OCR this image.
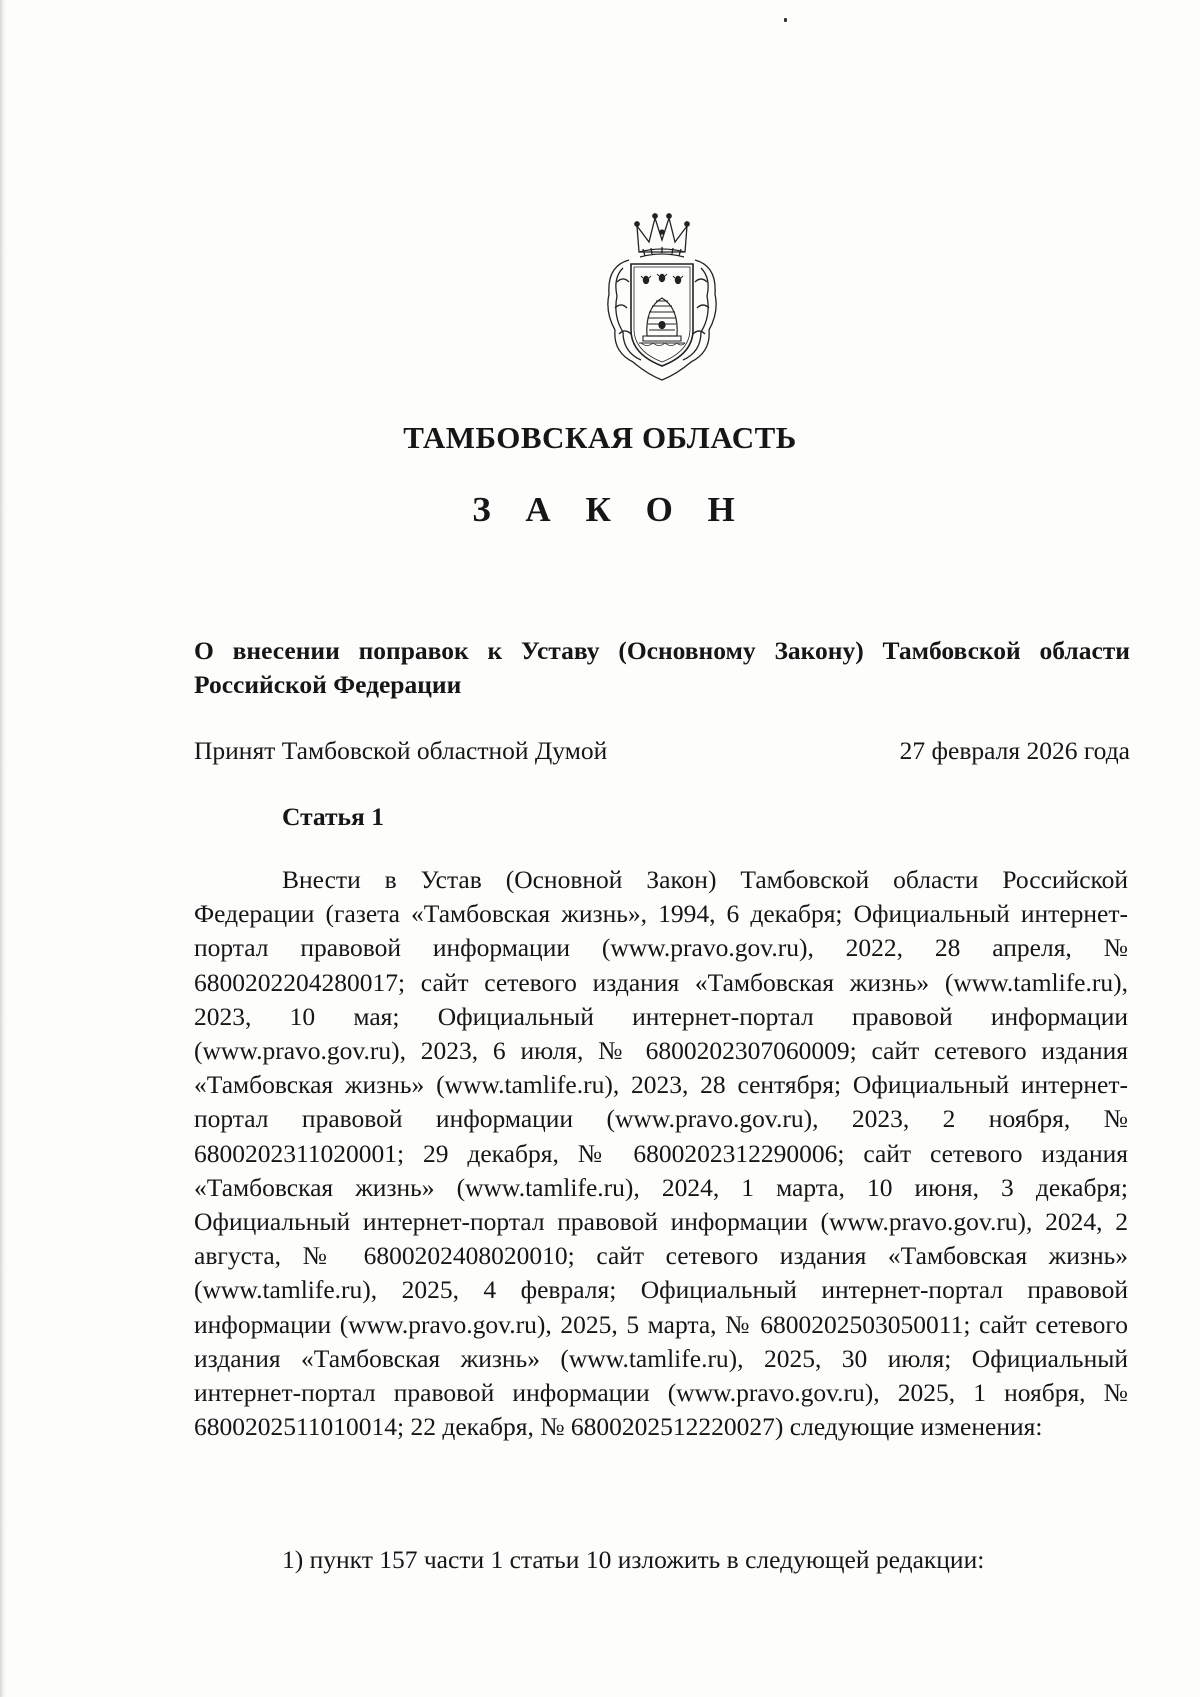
ТАМБОВСКАЯ ОБЛАСТЬ
З А К О Н
О внесении поправок к Уставу (Основному Закону) Тамбовской области Российской Федерации
Принят Тамбовской областной Думой	27 февраля 2026 года
Статья 1
Внести в Устав (Основной Закон) Тамбовской области Российской Федерации (газета «Тамбовская жизнь», 1994, 6 декабря; Официальный интернет-портал правовой информации (www.pravo.gov.ru), 2022, 28 апреля, № 6800202204280017; сайт сетевого издания «Тамбовская жизнь» (www.tamlife.ru), 2023, 10 мая; Официальный интернет-портал правовой информации (www.pravo.gov.ru), 2023, 6 июля, № 6800202307060009; сайт сетевого издания «Тамбовская жизнь» (www.tamlife.ru), 2023, 28 сентября; Официальный интернет-портал правовой информации (www.pravo.gov.ru), 2023, 2 ноября, № 6800202311020001; 29 декабря, № 6800202312290006; сайт сетевого издания «Тамбовская жизнь» (www.tamlife.ru), 2024, 1 марта, 10 июня, 3 декабря; Официальный интернет-портал правовой информации (www.pravo.gov.ru), 2024, 2 августа, № 6800202408020010; сайт сетевого издания «Тамбовская жизнь» (www.tamlife.ru), 2025, 4 февраля; Официальный интернет-портал правовой информации (www.pravo.gov.ru), 2025, 5 марта, № 6800202503050011; сайт сетевого издания «Тамбовская жизнь» (www.tamlife.ru), 2025, 30 июля; Официальный интернет-портал правовой информации (www.pravo.gov.ru), 2025, 1 ноября, № 6800202511010014; 22 декабря, № 6800202512220027) следующие изменения:
1) пункт 157 части 1 статьи 10 изложить в следующей редакции:
